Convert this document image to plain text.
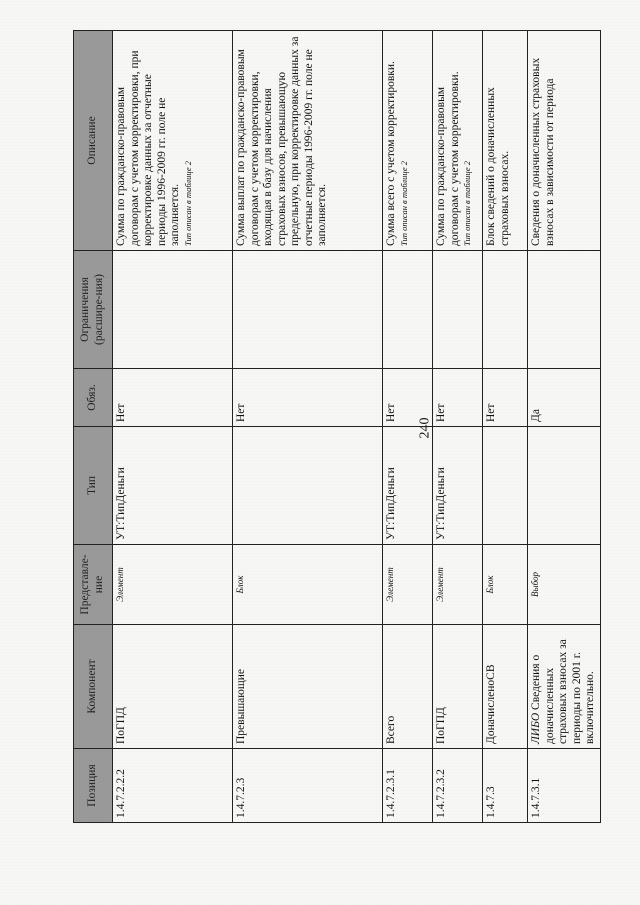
240
Позиция	Компонент	Представле-ние	Тип	Обяз.	Ограничения (расшире-ния)	Описание
1.4.7.2.2.2	ПоГПД	Элемент	УТ:ТипДеньги	Нет		Сумма по гражданско-правовым договорам с учетом корректировки, при корректировке данных за отчетные периоды 1996-2009 гг. поле не заполняется. Тип описан в таблице 2

1.4.7.2.3	Превышающие	Блок		Нет		Сумма выплат по гражданско-правовым договорам с учетом корректировки, входящая в базу для начисления страховых взносов, превышающую предельную, при корректировке данных за отчетные периоды 1996-2009 гг. поле не заполняется.
1.4.7.2.3.1	Всего	Элемент	УТ:ТипДеньги	Нет		Сумма всего с учетом корректировки. Тип описан в таблице 2

1.4.7.2.3.2	ПоГПД	Элемент	УТ:ТипДеньги	Нет		Сумма по гражданско-правовым договорам с учетом корректировки. Тип описан в таблице 2

1.4.7.3	ДоначисленоСВ	Блок		Нет		Блок сведений о доначисленных страховых взносах.
1.4.7.3.1	ЛИБО Сведения о доначисленных страховых взносах за периоды по 2001 г. включительно.	Выбор		Да		Сведения о доначисленных страховых взносах в зависимости от периода
